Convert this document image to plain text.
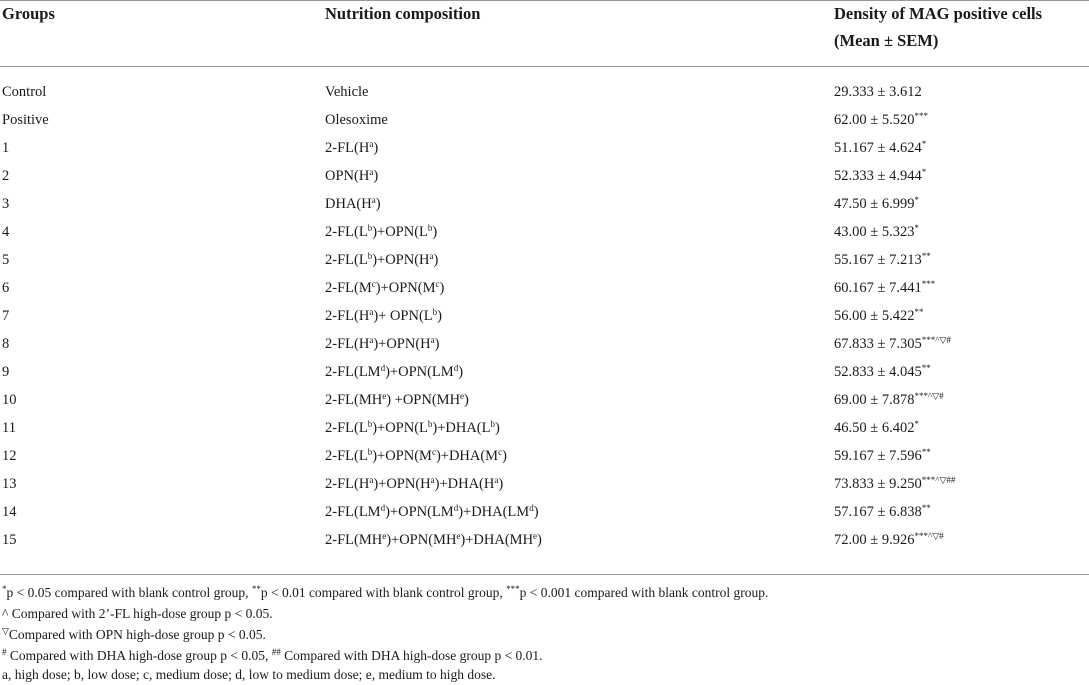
Groups	Nutrition composition	Density of MAG positive cells
(Mean ± SEM)
Control	Vehicle	29.333 ± 3.612
Positive	Olesoxime	62.00 ± 5.520***
1	$2-FL(H^a)$	51.167 ± 4.624*
2	$OPN(H^a)$	52.333 ± 4.944*
3	$DHA(H^a)$	47.50 ± 6.999*
4	$2-FL(L^b)+OPN(L^b)$	43.00 ± 5.323*
5	$2-FL(L^b)+OPN(H^a)$	55.167 ± 7.213**
6	$2-FL(M^c)+OPN(M^c)$	60.167 ± 7.441***
7	$2-FL(H^a)+ OPN(L^b)$	56.00 ± 5.422**
8	$2-FL(H^a)+OPN(H^a)$	67.833 ± 7.305***^▽#
9	$2-FL(LM^d)+OPN(LM^d)$	52.833 ± 4.045**
10	$2-FL(MH^e) +OPN(MH^e)$	69.00 ± 7.878***^▽#
11	$2-FL(L^b)+OPN(L^b)+DHA(L^b)$	46.50 ± 6.402*
12	$2-FL(L^b)+OPN(M^c)+DHA(M^c)$	59.167 ± 7.596**
13	$2-FL(H^a)+OPN(H^a)+DHA(H^a)$	73.833 ± 9.250***^▽##
14	$2-FL(LM^d)+OPN(LM^d)+DHA(LM^d)$	57.167 ± 6.838**
15	$2-FL(MH^e)+OPN(MH^e)+DHA(MH^e)$	72.00 ± 9.926***^▽#
*p < 0.05 compared with blank control group, **p < 0.01 compared with blank control group, ***p < 0.001 compared with blank control group.
^ Compared with 2’-FL high-dose group p < 0.05.
▽Compared with OPN high-dose group p < 0.05.
# Compared with DHA high-dose group p < 0.05, ## Compared with DHA high-dose group p < 0.01.
a, high dose; b, low dose; c, medium dose; d, low to medium dose; e, medium to high dose.
